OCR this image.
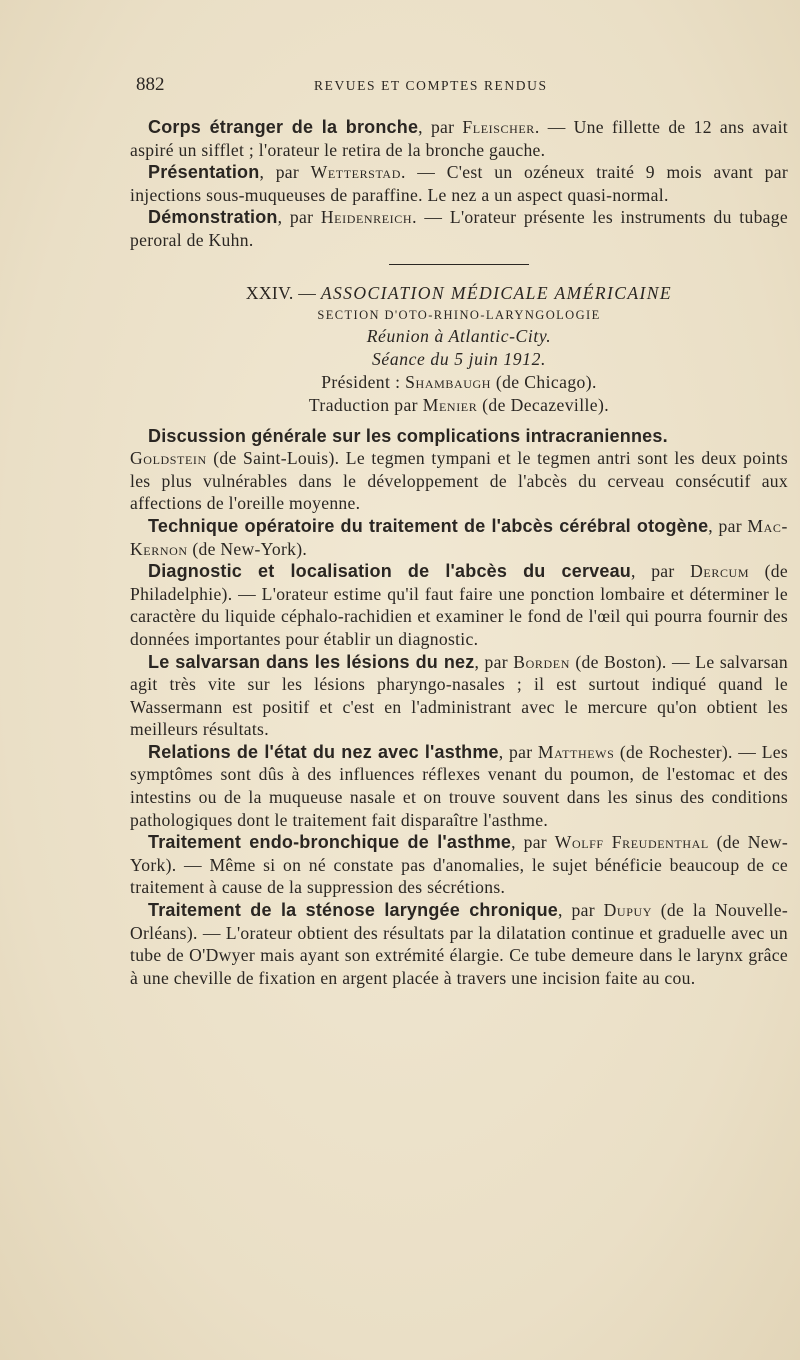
882	REVUES ET COMPTES RENDUS

Corps étranger de la bronche, par Fleischer. — Une fillette de 12 ans avait aspiré un sifflet ; l'orateur le retira de la bronche gauche.

Présentation, par Wetterstad. — C'est un ozéneux traité 9 mois avant par injections sous-muqueuses de paraffine. Le nez a un aspect quasi-normal.

Démonstration, par Heidenreich. — L'orateur présente les instruments du tubage peroral de Kuhn.

XXIV. — ASSOCIATION MÉDICALE AMÉRICAINE

SECTION D'OTO-RHINO-LARYNGOLOGIE

Réunion à Atlantic-City.

Séance du 5 juin 1912.

Président : Shambaugh (de Chicago).

Traduction par Menier (de Decazeville).

Discussion générale sur les complications intracraniennes.

Goldstein (de Saint-Louis). Le tegmen tympani et le tegmen antri sont les deux points les plus vulnérables dans le développement de l'abcès du cerveau consécutif aux affections de l'oreille moyenne.

Technique opératoire du traitement de l'abcès cérébral otogène, par Mac-Kernon (de New-York).

Diagnostic et localisation de l'abcès du cerveau, par Dercum (de Philadelphie). — L'orateur estime qu'il faut faire une ponction lombaire et déterminer le caractère du liquide céphalo-rachidien et examiner le fond de l'œil qui pourra fournir des données importantes pour établir un diagnostic.

Le salvarsan dans les lésions du nez, par Borden (de Boston). — Le salvarsan agit très vite sur les lésions pharyngo-nasales ; il est surtout indiqué quand le Wassermann est positif et c'est en l'administrant avec le mercure qu'on obtient les meilleurs résultats.

Relations de l'état du nez avec l'asthme, par Matthews (de Rochester). — Les symptômes sont dûs à des influences réflexes venant du poumon, de l'estomac et des intestins ou de la muqueuse nasale et on trouve souvent dans les sinus des conditions pathologiques dont le traitement fait disparaître l'asthme.

Traitement endo-bronchique de l'asthme, par Wolff Freudenthal (de New-York). — Même si on né constate pas d'anomalies, le sujet bénéficie beaucoup de ce traitement à cause de la suppression des sécrétions.

Traitement de la sténose laryngée chronique, par Dupuy (de la Nouvelle-Orléans). — L'orateur obtient des résultats par la dilatation continue et graduelle avec un tube de O'Dwyer mais ayant son extrémité élargie. Ce tube demeure dans le larynx grâce à une cheville de fixation en argent placée à travers une incision faite au cou.
